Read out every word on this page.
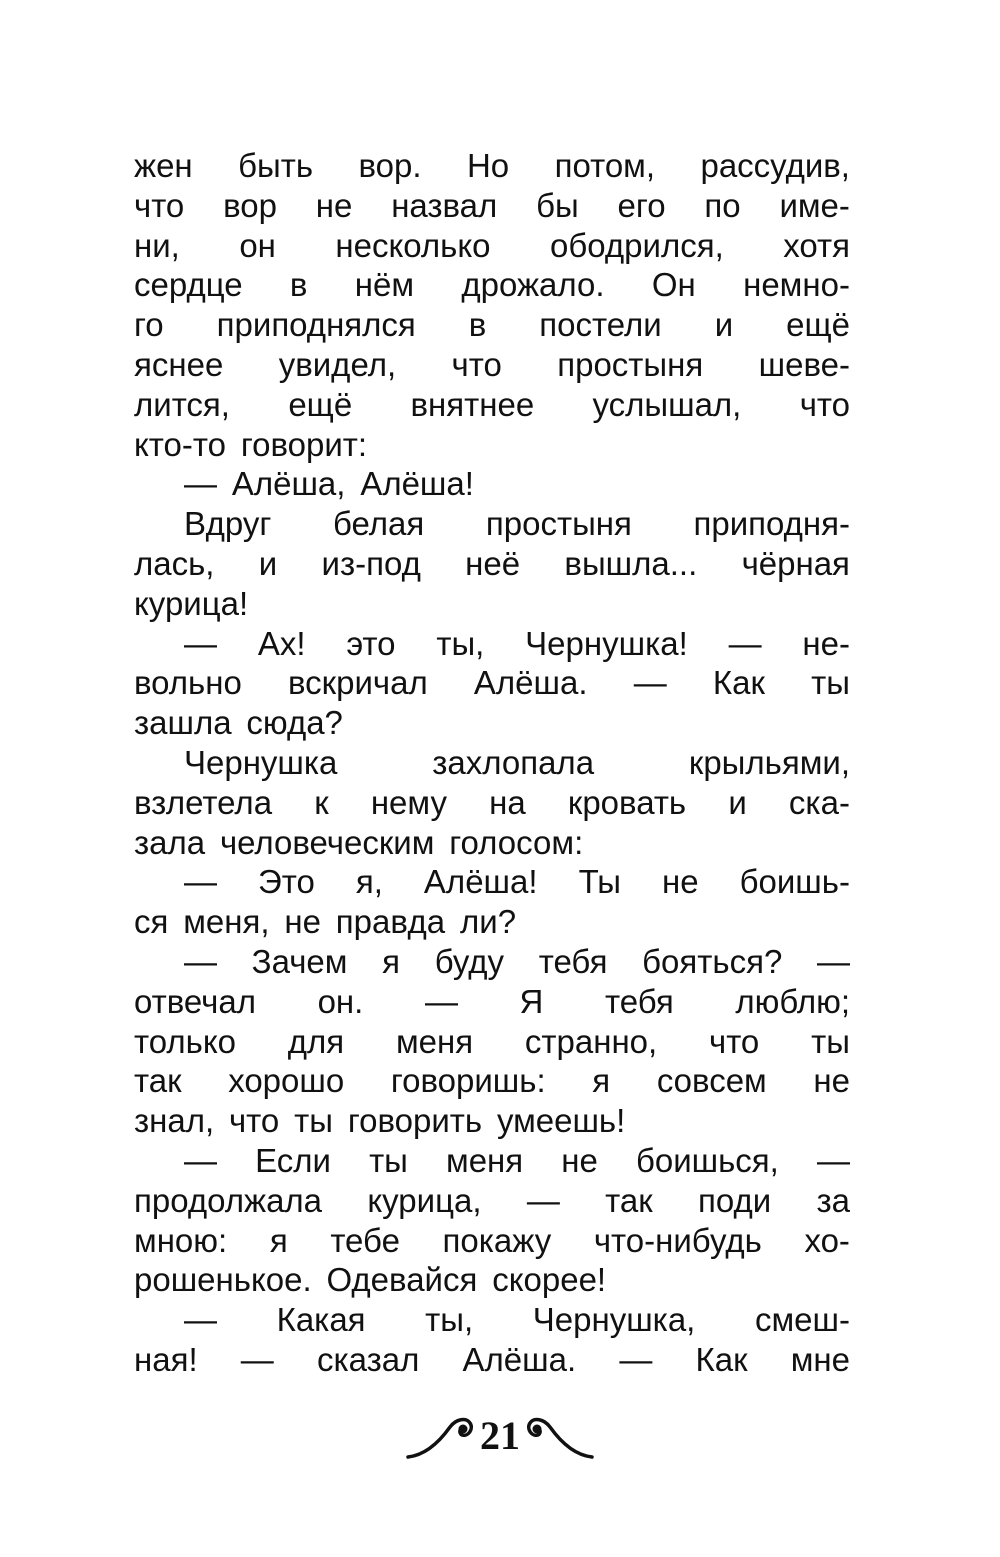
жен быть вор. Но потом, рассудив,
что вор не назвал бы его по име-
ни, он несколько ободрился, хотя
сердце в нём дрожало. Он немно-
го приподнялся в постели и ещё
яснее увидел, что простыня шеве-
лится, ещё внятнее услышал, что
кто-то говорит:
— Алёша, Алёша!
Вдруг белая простыня приподня-
лась, и из-под неё вышла... чёрная
курица!
— Ах! это ты, Чернушка! — не-
вольно вскричал Алёша. — Как ты
зашла сюда?
Чернушка	захлопала	крыльями,
взлетела к нему на кровать и ска-
зала человеческим голосом:
— Это я, Алёша! Ты не боишь-
ся меня, не правда ли?
— Зачем я буду тебя бояться? —
отвечал он. — Я тебя люблю;
только для меня странно, что ты
так хорошо говоришь: я совсем не
знал, что ты говорить умеешь!
— Если ты меня не боишься, —
продолжала курица, — так поди за
мною: я тебе покажу что-нибудь хо-
рошенькое. Одевайся скорее!
— Какая ты, Чернушка, смеш-
ная! — сказал Алёша. — Как мне
21
